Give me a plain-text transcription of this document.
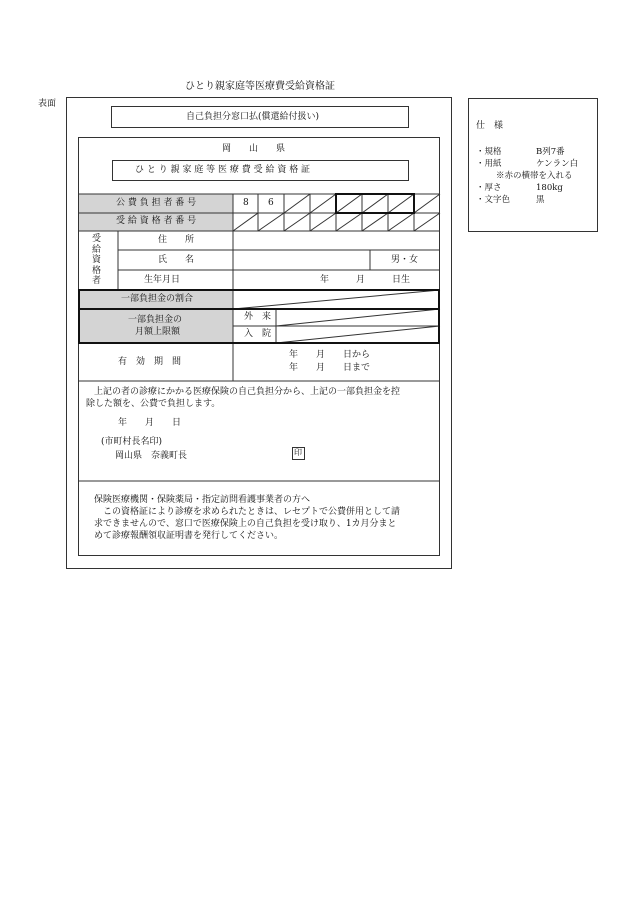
ひとり親家庭等医療費受給資格証
表面
自己負担分窓口払(償還給付扱い)
岡　　山　　県
ひ と り 親 家 庭 等 医 療 費 受 給 資 格 証
公 費 負 担 者 番 号	8 6
受 給 資 格 者 番 号
受給資格者
住　　所
氏　　名	男・女
生年月日	年　　　月　　　日生
一部負担金の割合
一部負担金の
月額上限額
外　来
入　院
有　効　期　間
年　　月　　日から
年　　月　　日まで
上記の者の診療にかかる医療保険の自己負担分から、上記の一部負担金を控
除した額を、公費で負担します。
年　　月　　日
(市町村長名印)
岡山県　奈義町長	印
保険医療機関・保険薬局・指定訪問看護事業者の方へ
この資格証により診療を求められたときは、レセプトで公費併用として請
求できませんので、窓口で医療保険上の自己負担を受け取り、1カ月分まと
めて診療報酬領収証明書を発行してください。
仕　様
・規格	B列7番
・用紙	ケンラン白
※赤の横帯を入れる
・厚さ	180kg
・文字色	黒
